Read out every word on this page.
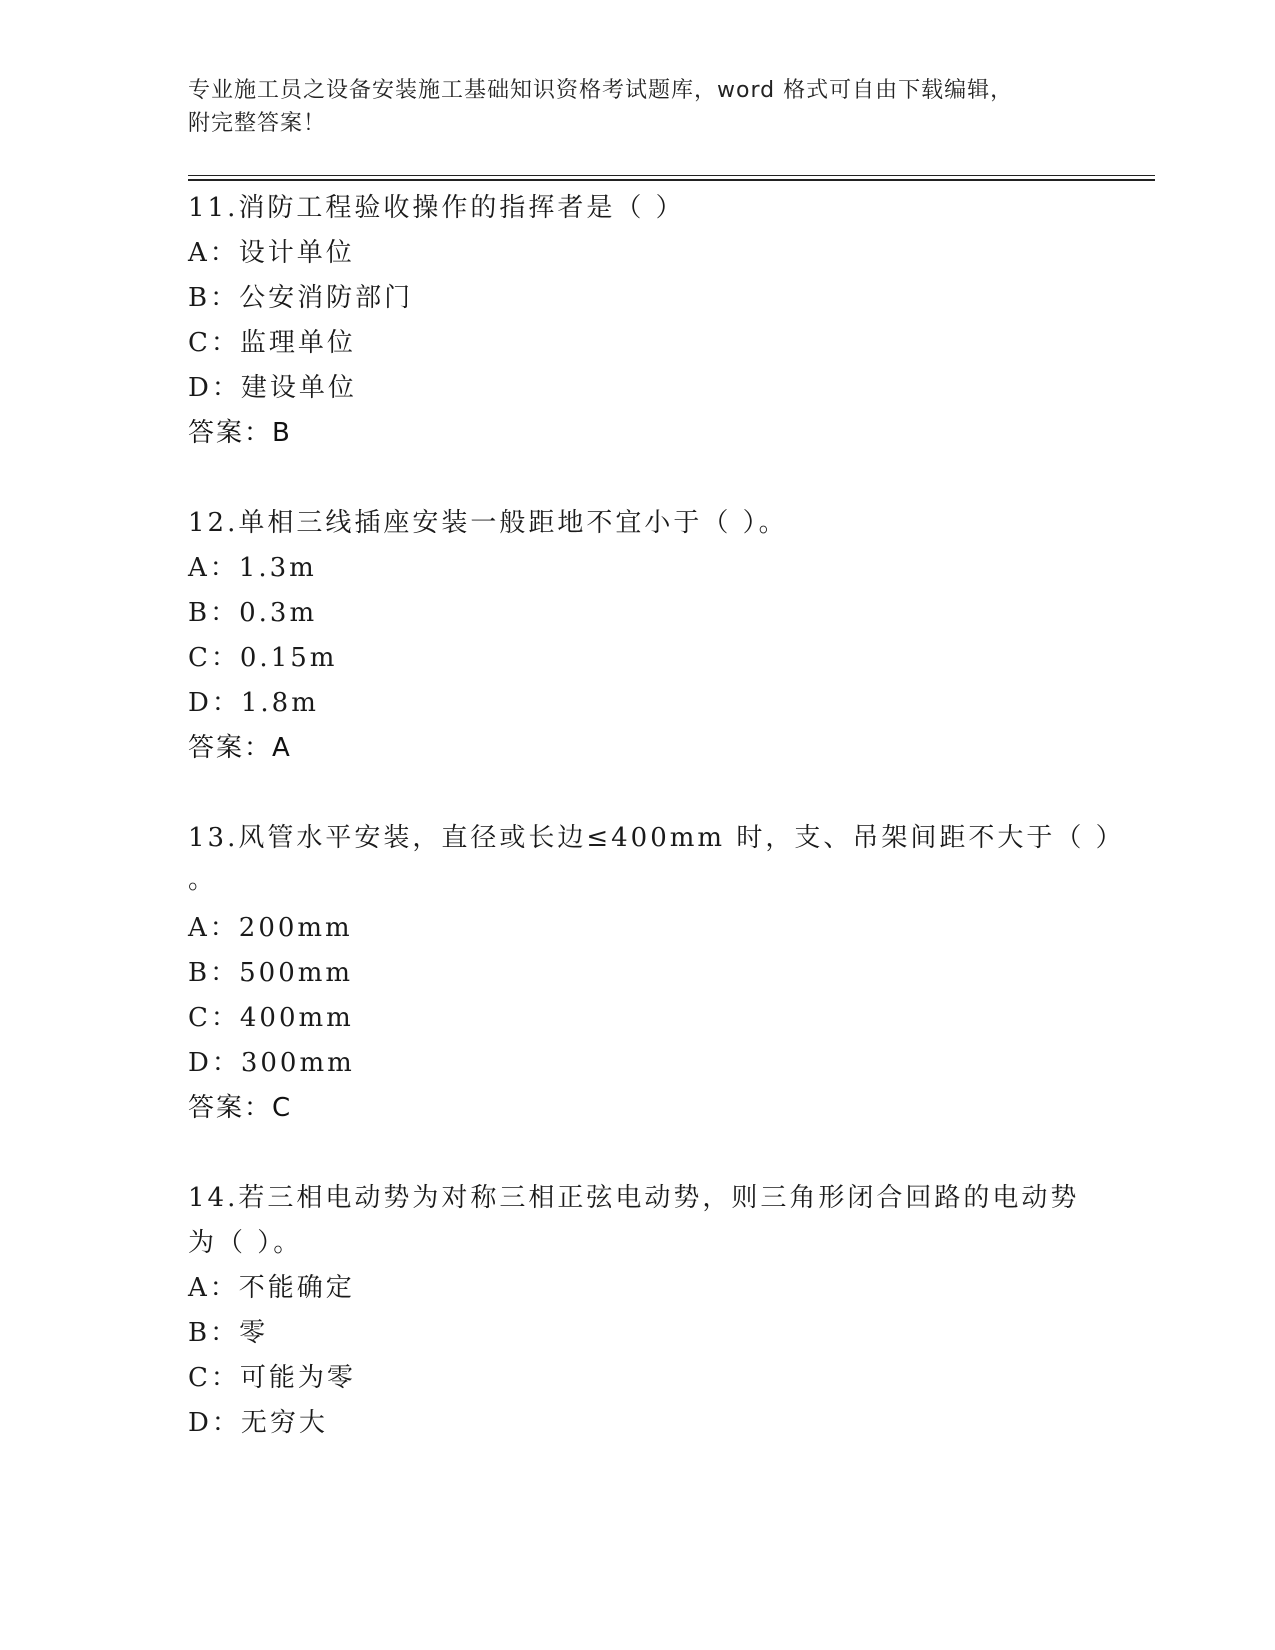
专业施工员之设备安装施工基础知识资格考试题库，word 格式可自由下载编辑，
附完整答案！
11.消防工程验收操作的指挥者是（ ）
A：设计单位
B：公安消防部门
C：监理单位
D：建设单位
答案：B
12.单相三线插座安装一般距地不宜小于（ ）。
A：1.3m
B：0.3m
C：0.15m
D：1.8m
答案：A
13.风管水平安装，直径或长边≤400mm 时，支、吊架间距不大于（ ）
。
A：200mm
B：500mm
C：400mm
D：300mm
答案：C
14.若三相电动势为对称三相正弦电动势，则三角形闭合回路的电动势
为（ ）。
A：不能确定
B：零
C：可能为零
D：无穷大
